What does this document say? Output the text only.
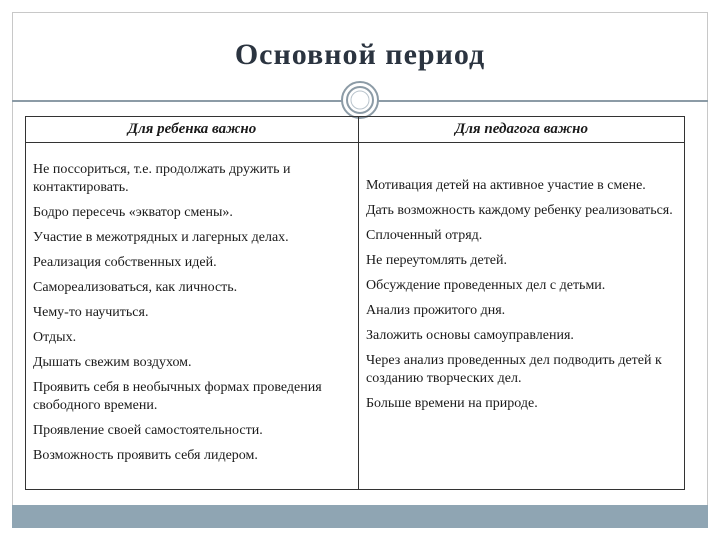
Основной период
Для ребенка важно	Для педагога важно
Не поссориться, т.е. продолжать дружить и контактировать.
Бодро пересечь «экватор смены».
Участие в межотрядных и лагерных делах.
Реализация собственных идей.
Самореализоваться, как личность.
Чему-то научиться.
Отдых.
Дышать свежим воздухом.
Проявить себя в необычных формах проведения свободного времени.
Проявление своей самостоятельности.
Возможность проявить себя лидером.
Мотивация детей на активное участие в смене.
Дать возможность каждому ребенку реализоваться.
Сплоченный отряд.
Не переутомлять детей.
Обсуждение проведенных дел с детьми.
Анализ прожитого дня.
Заложить основы самоуправления.
Через анализ проведенных дел подводить детей к созданию творческих дел.
Больше времени на природе.
